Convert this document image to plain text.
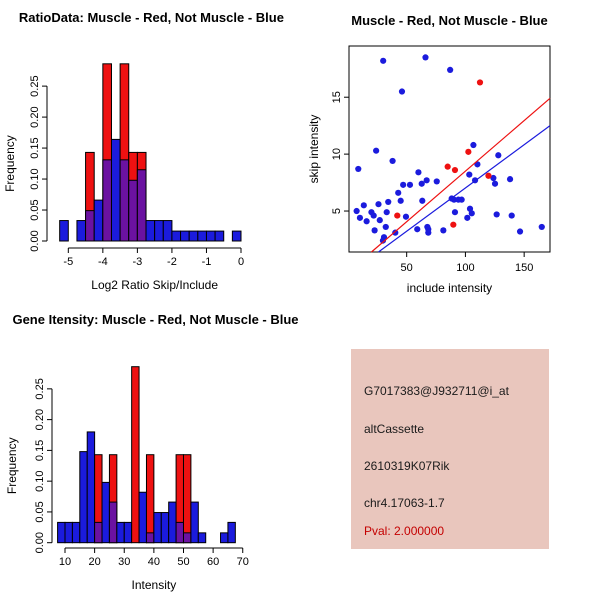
RatioData: Muscle - Red, Not Muscle - Blue
-5 -4 -3 -2 -1 0
Log2 Ratio Skip/Include
0.00
0.05
0.10
0.15
0.20
0.25
Frequency
Muscle - Red, Not Muscle - Blue
50	100	150
include intensity
5
10
15
skip intensity
Gene Itensity: Muscle - Red, Not Muscle - Blue
10 20 30 40 50 60 70
Intensity
0.00
0.05
0.10
0.15
0.20
0.25
Frequency
G7017383@J932711@i_at
altCassette
2610319K07Rik
chr4.17063-1.7
Pval: 2.000000
